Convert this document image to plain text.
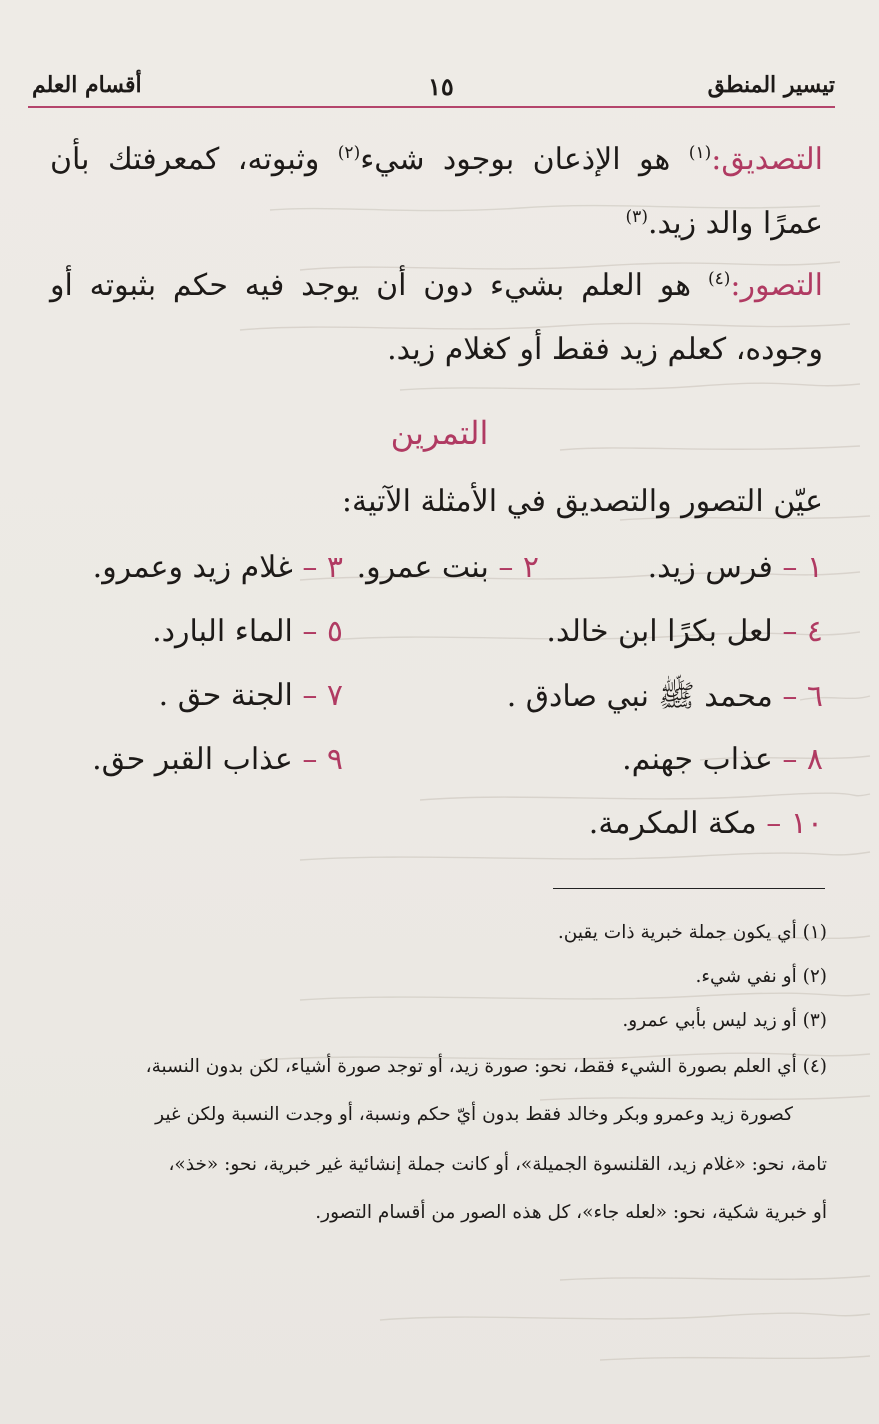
تيسير المنطق
١٥
أقسام العلم
التصديق:$^{(١)}$ هو الإذعان بوجود شيء$^{(٢)}$ وثبوته، كمعرفتك بأن عمرًا والد زيد.$^{(٣)}$
التصور:$^{(٤)}$ هو العلم بشيء دون أن يوجد فيه حكم بثبوته أو وجوده، كعلم زيد فقط أو كغلام زيد.
التمرين
عيّن التصور والتصديق في الأمثلة الآتية:
١ – فرس زيد.
٢ – بنت عمرو.
٣ – غلام زيد وعمرو.
٤ – لعل بكرًا ابن خالد.
٥ – الماء البارد.
٦ – محمد ﷺ نبي صادق .
٧ – الجنة حق .
٨ – عذاب جهنم.
٩ – عذاب القبر حق.
١٠ – مكة المكرمة.
(١) أي يكون جملة خبرية ذات يقين.
(٢) أو نفي شيء.
(٣) أو زيد ليس بأبي عمرو.
(٤) أي العلم بصورة الشيء فقط، نحو: صورة زيد، أو توجد صورة أشياء، لكن بدون النسبة،
كصورة زيد وعمرو وبكر وخالد فقط بدون أيّ حكم ونسبة، أو وجدت النسبة ولكن غير
تامة، نحو: «غلام زيد، القلنسوة الجميلة»، أو كانت جملة إنشائية غير خبرية، نحو: «خذ»،
أو خبرية شكية، نحو: «لعله جاء»، كل هذه الصور من أقسام التصور.
